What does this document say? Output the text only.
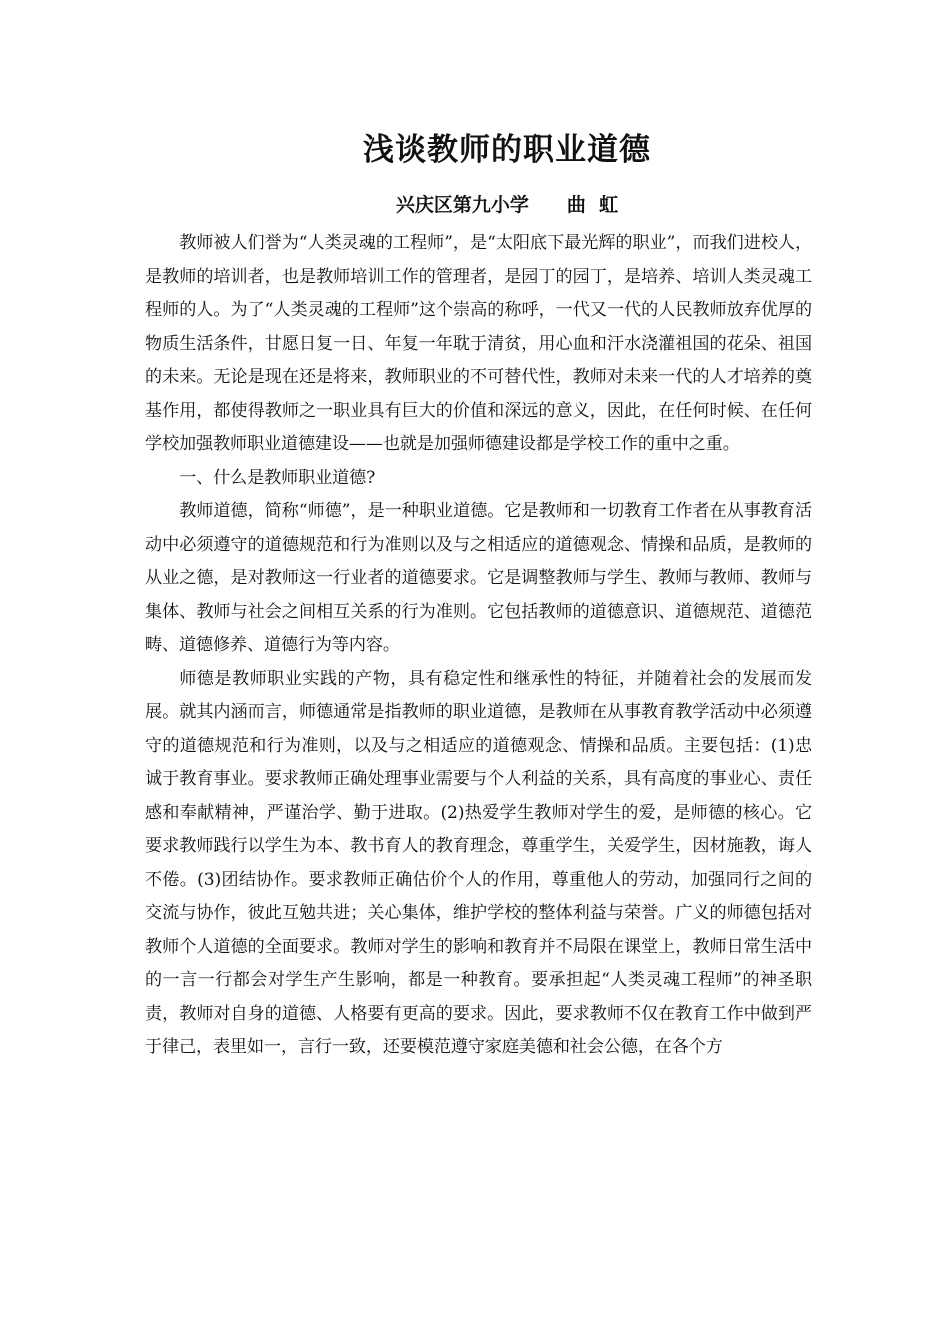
浅谈教师的职业道德
兴庆区第九小学 曲  虹

教师被人们誉为“人类灵魂的工程师”，是“太阳底下最光辉的职业”，而我们进校人，是教师的培训者，也是教师培训工作的管理者，是园丁的园丁，是培养、培训人类灵魂工程师的人。为了“人类灵魂的工程师”这个崇高的称呼，一代又一代的人民教师放弃优厚的物质生活条件，甘愿日复一日、年复一年耽于清贫，用心血和汗水浇灌祖国的花朵、祖国的未来。无论是现在还是将来，教师职业的不可替代性，教师对未来一代的人才培养的奠基作用，都使得教师之一职业具有巨大的价值和深远的意义，因此，在任何时候、在任何学校加强教师职业道德建设——也就是加强师德建设都是学校工作的重中之重。

一、什么是教师职业道德?

教师道德，简称“师德”，是一种职业道德。它是教师和一切教育工作者在从事教育活动中必须遵守的道德规范和行为准则以及与之相适应的道德观念、情操和品质，是教师的从业之德，是对教师这一行业者的道德要求。它是调整教师与学生、教师与教师、教师与集体、教师与社会之间相互关系的行为准则。它包括教师的道德意识、道德规范、道德范畴、道德修养、道德行为等内容。

师德是教师职业实践的产物，具有稳定性和继承性的特征，并随着社会的发展而发展。就其内涵而言，师德通常是指教师的职业道德，是教师在从事教育教学活动中必须遵守的道德规范和行为准则，以及与之相适应的道德观念、情操和品质。主要包括：(1)忠诚于教育事业。要求教师正确处理事业需要与个人利益的关系，具有高度的事业心、责任感和奉献精神，严谨治学、勤于进取。(2)热爱学生教师对学生的爱，是师德的核心。它要求教师践行以学生为本、教书育人的教育理念，尊重学生，关爱学生，因材施教，诲人不倦。(3)团结协作。要求教师正确估价个人的作用，尊重他人的劳动，加强同行之间的交流与协作，彼此互勉共进；关心集体，维护学校的整体利益与荣誉。广义的师德包括对教师个人道德的全面要求。教师对学生的影响和教育并不局限在课堂上，教师日常生活中的一言一行都会对学生产生影响，都是一种教育。要承担起“人类灵魂工程师”的神圣职责，教师对自身的道德、人格要有更高的要求。因此，要求教师不仅在教育工作中做到严于律己，表里如一，言行一致，还要模范遵守家庭美德和社会公德，在各个方
